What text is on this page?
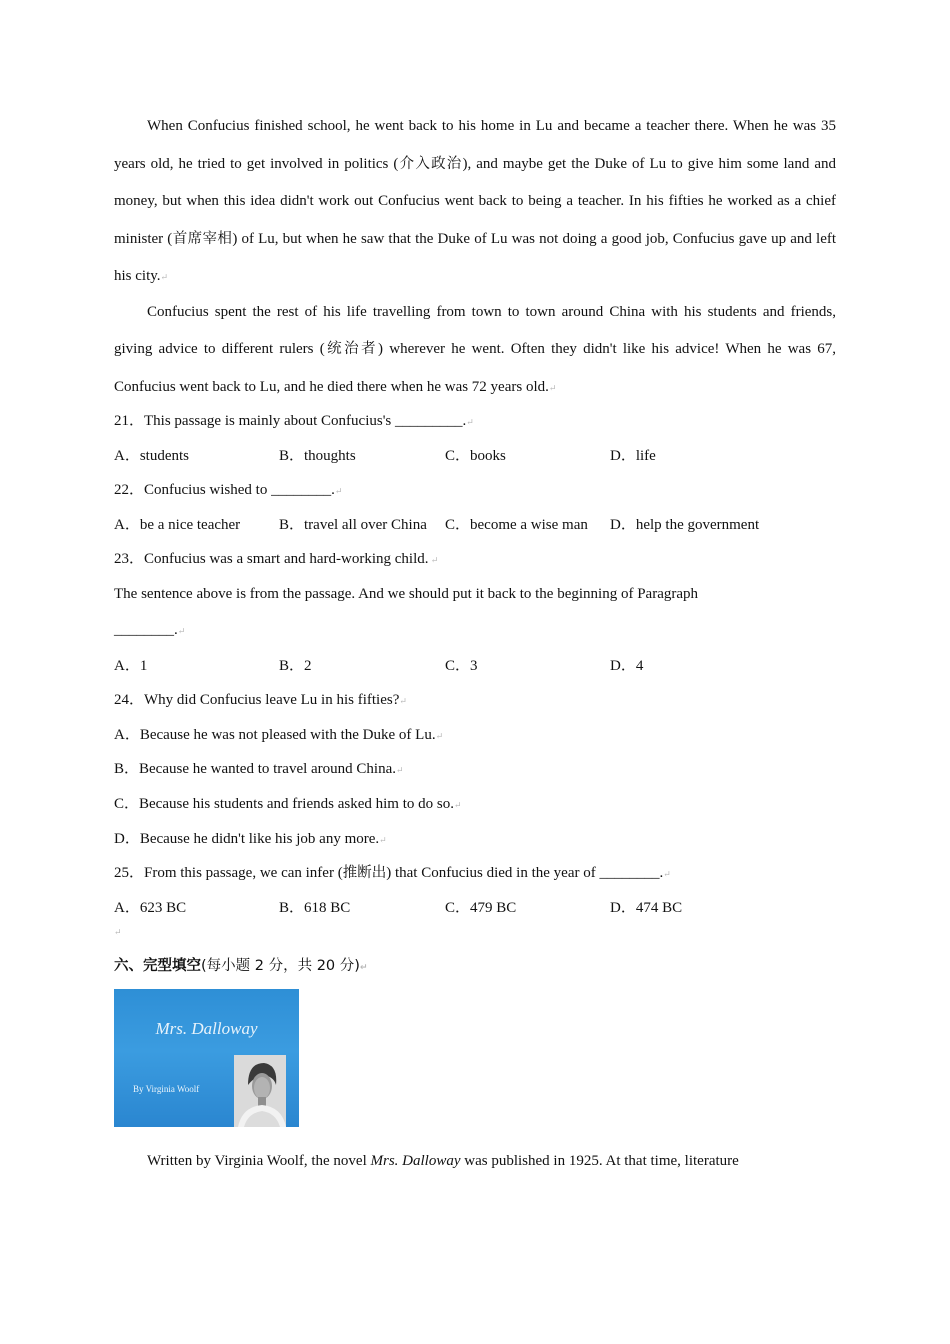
When Confucius finished school, he went back to his home in Lu and became a teacher there. When he was 35 years old, he tried to get involved in politics (介入政治), and maybe get the Duke of Lu to give him some land and money, but when this idea didn't work out Confucius went back to being a teacher. In his fifties he worked as a chief minister (首席宰相) of Lu, but when he saw that the Duke of Lu was not doing a good job, Confucius gave up and left his city.↵

Confucius spent the rest of his life travelling from town to town around China with his students and friends, giving advice to different rulers (统治者) wherever he went. Often they didn't like his advice! When he was 67, Confucius went back to Lu, and he died there when he was 72 years old.↵

21．This passage is mainly about Confucius's _________.↵
A．students	B．thoughts	C．books	D．life
22．Confucius wished to ________.↵
A．be a nice teacher	B．travel all over China C．become a wise man D．help the government
23．Confucius was a smart and hard-working child. ↵
The sentence above is from the passage. And we should put it back to the beginning of Paragraph
________.↵
A．1	B．2	C．3	D．4
24．Why did Confucius leave Lu in his fifties?↵
A．Because he was not pleased with the Duke of Lu.↵
B．Because he wanted to travel around China.↵
C．Because his students and friends asked him to do so.↵
D．Because he didn't like his job any more.↵
25．From this passage, we can infer (推断出) that Confucius died in the year of ________.↵
A．623 BC	B．618 BC	C．479 BC	D．474 BC
↵
六、完型填空(每小题 2 分，共 20 分)↵
Mrs. Dalloway
By Virginia Woolf
Written by Virginia Woolf, the novel Mrs. Dalloway was published in 1925. At that time, literature
